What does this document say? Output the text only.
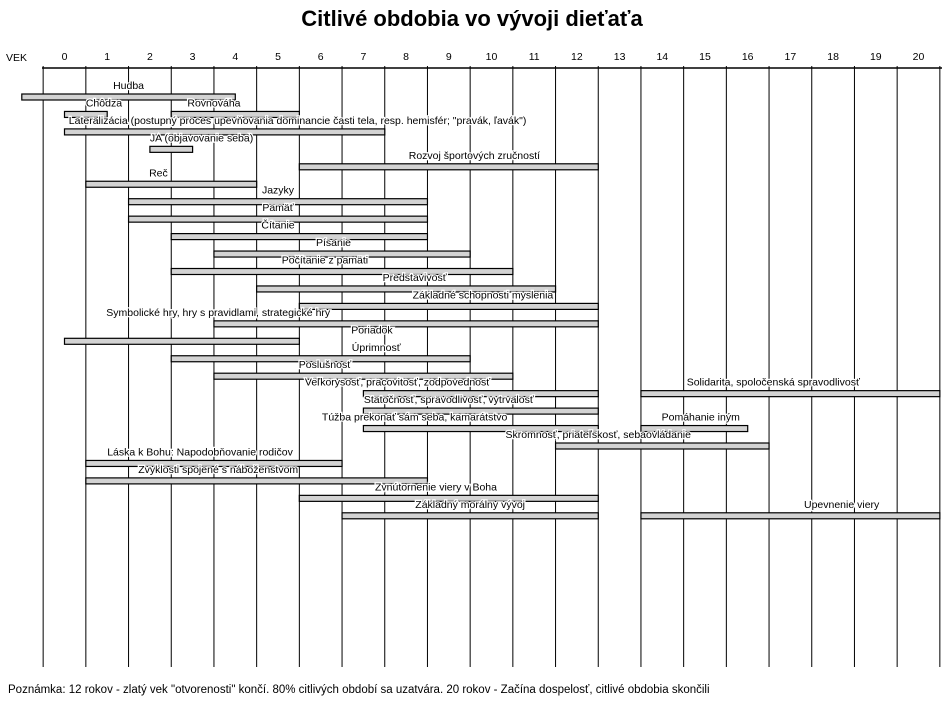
Citlivé obdobia vo vývoji dieťaťa
VEK	0	1	2	3	4	5	6	7	8	9	10	11	12	13	14	15	16	17	18	19	20
Hudba
Chôdza	Rovnováha
Lateralizácia (postupný proces upevňovania dominancie časti tela, resp. hemisfér; "pravák, ľavák")
JA (objavovanie seba)
Rozvoj športových zručností
Reč
Jazyky
Pamäť
Čítanie
Písanie
Počítanie z pamäti
Predstavivosť
Základné schopnosti myslenia
Symbolické hry, hry s pravidlami, strategické hry
Poriadok
Úprimnosť
Poslušnosť
Veľkorysosť, pracovitosť, zodpovednosť	Solidarita, spoločenská spravodlivosť
Statočnosť, spravodlivosť, vytrvalosť
Túžba prekonať sám seba, kamarátstvo	Pomáhanie iným
Skromnosť, priateľskosť, sebaovládanie
Láska k Bohu: Napodobňovanie rodičov
Zvyklosti spojené s náboženstvom
Zvnútornenie viery v Boha
Základný morálny vývoj	Upevnenie viery
Poznámka: 12 rokov - zlatý vek "otvorenosti" končí. 80% citlivých období sa uzatvára. 20 rokov - Začína dospelosť, citlivé obdobia skončili
